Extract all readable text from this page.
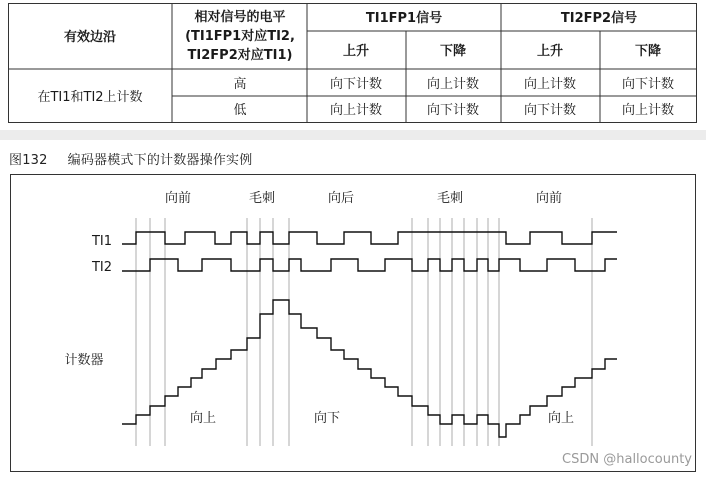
有效边沿
相对信号的电平
(TI1FP1对应TI2,
TI2FP2对应TI1)
TI1FP1信号	TI2FP2信号
上升	下降	上升	下降
在TI1和TI2上计数
高	向下计数	向上计数	向上计数	向下计数
低	向上计数	向下计数	向下计数	向上计数
图132 编码器模式下的计数器操作实例
向前	毛刺	向后	毛刺	向前
TI1
TI2
计数器
向上	向下	向上
CSDN @hallocounty
